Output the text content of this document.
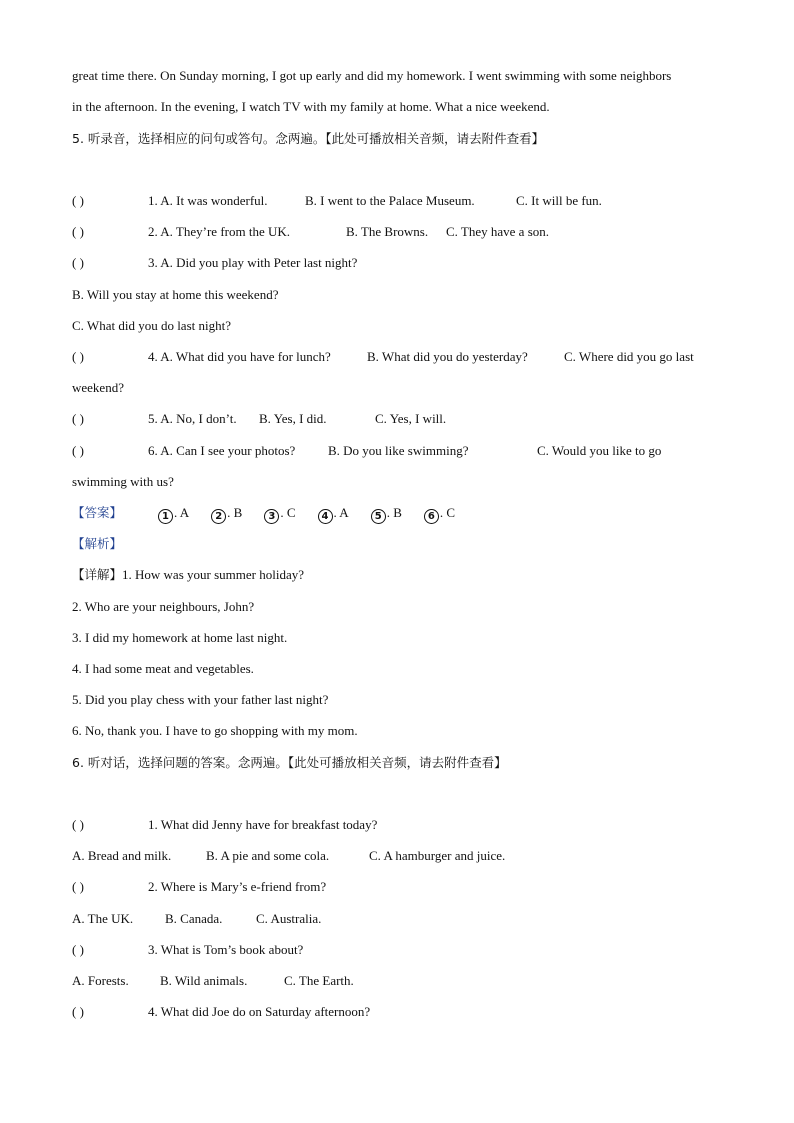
great time there. On Sunday morning, I got up early and did my homework. I went swimming with some neighbors
in the afternoon. In the evening, I watch TV with my family at home. What a nice weekend.
5. 听录音，选择相应的问句或答句。念两遍。【此处可播放相关音频，请去附件查看】
( )	1. A. It was wonderful.	B. I went to the Palace Museum.	C. It will be fun.
( )	2. A. They’re from the UK.	B. The Browns. C. They have a son.
( )	3. A. Did you play with Peter last night?
B. Will you stay at home this weekend?
C. What did you do last night?
( )	4. A. What did you have for lunch?	B. What did you do yesterday?	C. Where did you go last
weekend?
( )	5. A. No, I don’t. B. Yes, I did.	C. Yes, I will.
( )	6. A. Can I see your photos?	B. Do you like swimming?	C. Would you like to go
swimming with us?
【答案】	1 . A	2 . B	3 . C	4 . A	5 . B	6 . C
【解析】
【详解】1. How was your summer holiday?
2. Who are your neighbours, John?
3. I did my homework at home last night.
4. I had some meat and vegetables.
5. Did you play chess with your father last night?
6. No, thank you. I have to go shopping with my mom.
6. 听对话，选择问题的答案。念两遍。【此处可播放相关音频，请去附件查看】
( )	1. What did Jenny have for breakfast today?
A. Bread and milk.	B. A pie and some cola.	C. A hamburger and juice.
( )	2. Where is Mary’s e-friend from?
A. The UK. B. Canada.	C. Australia.
( )	3. What is Tom’s book about?
A. Forests. B. Wild animals.	C. The Earth.
( )	4. What did Joe do on Saturday afternoon?
